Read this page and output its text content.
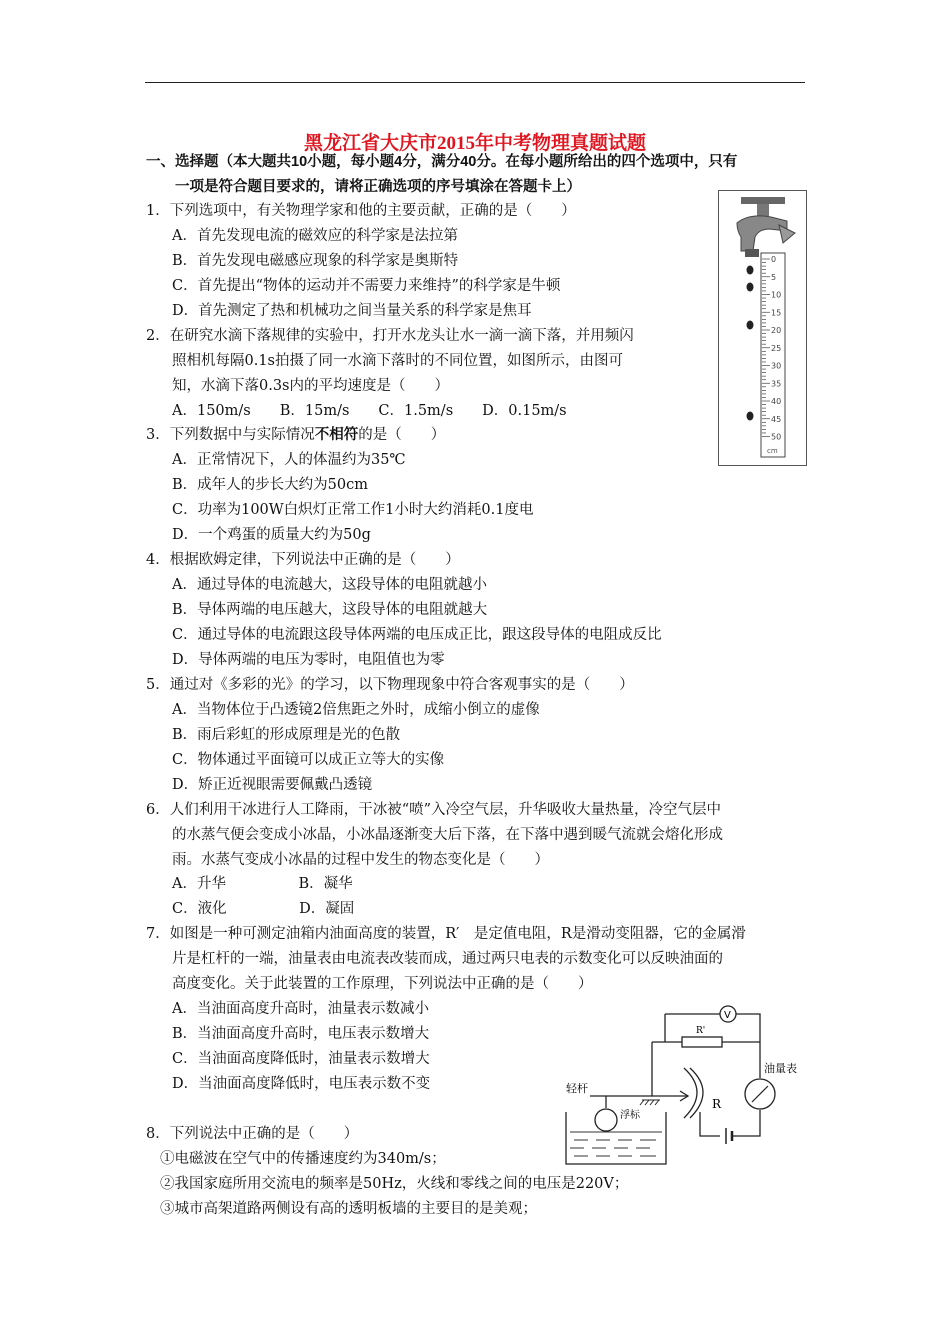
黑龙江省大庆市2015年中考物理真题试题
一、选择题（本大题共10小题，每小题4分，满分40分。在每小题所给出的四个选项中，只有
一项是符合题目要求的，请将正确选项的序号填涂在答题卡上）
1．下列选项中，有关物理学家和他的主要贡献，正确的是（　　）
A．首先发现电流的磁效应的科学家是法拉第
B．首先发现电磁感应现象的科学家是奥斯特
C．首先提出“物体的运动并不需要力来维持”的科学家是牛顿
D．首先测定了热和机械功之间当量关系的科学家是焦耳
2．在研究水滴下落规律的实验中，打开水龙头让水一滴一滴下落，并用频闪
照相机每隔0.1s拍摄了同一水滴下落时的不同位置，如图所示，由图可
知，水滴下落0.3s内的平均速度是（　　）
A．150m/s　　B．15m/s　　C．1.5m/s　　D．0.15m/s
3．下列数据中与实际情况不相符的是（　　）
A．正常情况下，人的体温约为35℃
B．成年人的步长大约为50cm
C．功率为100W白炽灯正常工作1小时大约消耗0.1度电
D．一个鸡蛋的质量大约为50g
4．根据欧姆定律，下列说法中正确的是（　　）
A．通过导体的电流越大，这段导体的电阻就越小
B．导体两端的电压越大，这段导体的电阻就越大
C．通过导体的电流跟这段导体两端的电压成正比，跟这段导体的电阻成反比
D．导体两端的电压为零时，电阻值也为零
5．通过对《多彩的光》的学习，以下物理现象中符合客观事实的是（　　）
A．当物体位于凸透镜2倍焦距之外时，成缩小倒立的虚像
B．雨后彩虹的形成原理是光的色散
C．物体通过平面镜可以成正立等大的实像
D．矫正近视眼需要佩戴凸透镜
6．人们利用干冰进行人工降雨，干冰被“喷”入冷空气层，升华吸收大量热量，冷空气层中
的水蒸气便会变成小冰晶，小冰晶逐渐变大后下落，在下落中遇到暖气流就会熔化形成
雨。水蒸气变成小冰晶的过程中发生的物态变化是（　　）
A．升华　　　　　B．凝华
C．液化　　　　　D．凝固
7．如图是一种可测定油箱内油面高度的装置，R′　是定值电阻，R是滑动变阻器，它的金属滑
片是杠杆的一端，油量表由电流表改装而成，通过两只电表的示数变化可以反映油面的
高度变化。关于此装置的工作原理，下列说法中正确的是（　　）
A．当油面高度升高时，油量表示数减小
B．当油面高度升高时，电压表示数增大
C．当油面高度降低时，油量表示数增大
D．当油面高度降低时，电压表示数不变
8．下列说法中正确的是（　　）
①电磁波在空气中的传播速度约为340m/s；
②我国家庭所用交流电的频率是50Hz，火线和零线之间的电压是220V；
③城市高架道路两侧设有高的透明板墙的主要目的是美观；
0
5
10
15
20
25
30
35
40
45
50
cm
V
R'
油量表
R
轻杆
浮标
